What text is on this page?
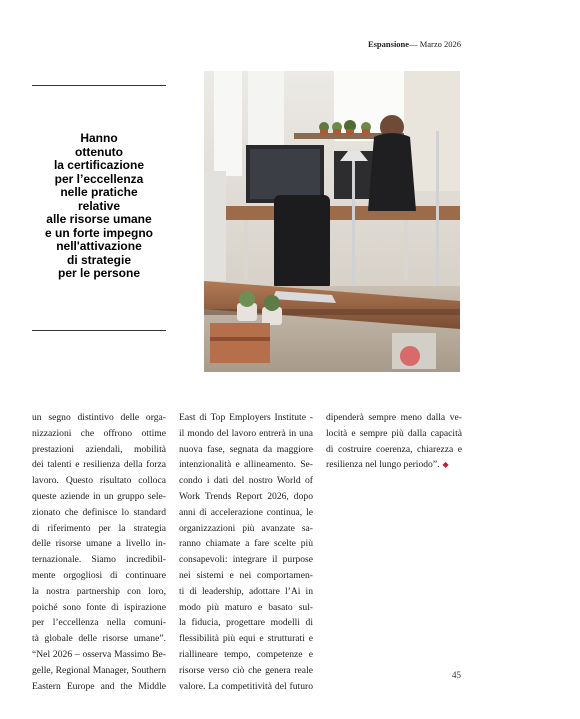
Espansione— Marzo 2026
Hanno
ottenuto
la certificazione
per l’eccellenza
nelle pratiche
relative
alle risorse umane
e un forte impegno
nell'attivazione
di strategie
per le persone
un segno distintivo delle orga-
nizzazioni che offrono ottime
prestazioni aziendali, mobilità
dei talenti e resilienza della forza
lavoro. Questo risultato colloca
queste aziende in un gruppo sele-
zionato che definisce lo standard
di riferimento per la strategia
delle risorse umane a livello in-
ternazionale. Siamo incredibil-
mente orgogliosi di continuare
la nostra partnership con loro,
poiché sono fonte di ispirazione
per l’eccellenza nella comuni-
tà globale delle risorse umane”.
“Nel 2026 – osserva Massimo Be-
gelle, Regional Manager, Southern
Eastern Europe and the Middle
East di Top Employers Institute -
il mondo del lavoro entrerà in una
nuova fase, segnata da maggiore
intenzionalità e allineamento. Se-
condo i dati del nostro World of
Work Trends Report 2026, dopo
anni di accelerazione continua, le
organizzazioni più avanzate sa-
ranno chiamate a fare scelte più
consapevoli: integrare il purpose
nei sistemi e nei comportamen-
ti di leadership, adottare l’Ai in
modo più maturo e basato sul-
la fiducia, progettare modelli di
flessibilità più equi e strutturati e
riallineare tempo, competenze e
risorse verso ciò che genera reale
valore. La competitività del futuro
dipenderà sempre meno dalla ve-
locità e sempre più dalla capacità
di costruire coerenza, chiarezza e
resilienza nel lungo periodo”. ◆
45
